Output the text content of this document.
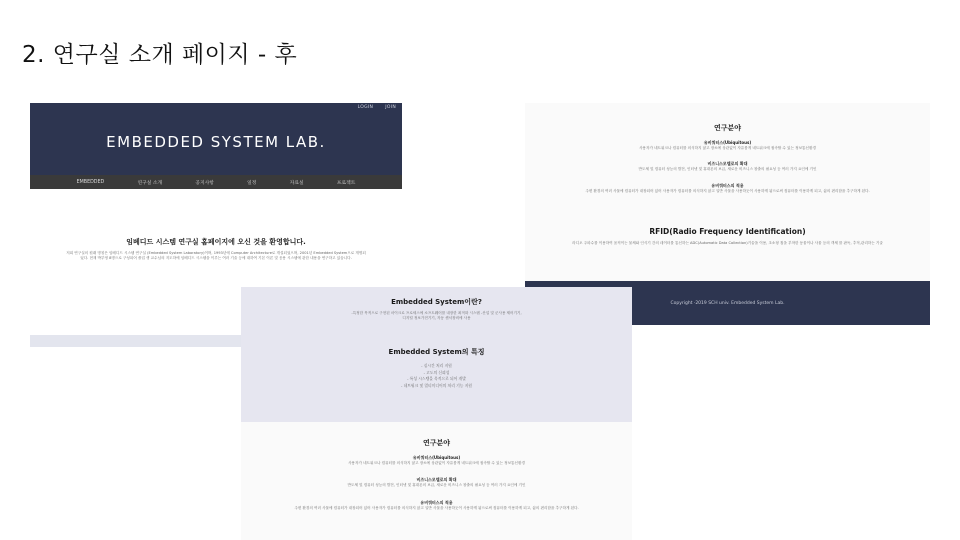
2. 연구실 소개 페이지 - 후
LOGIN	JOIN
EMBEDDED SYSTEM LAB.
EMBEDDED	연구실 소개	공지사항	일정	자료실	프로젝트
임베디드 시스템 연구실 홈페이지에 오신 것을 환영합니다.
저희 연구실의 원래 명칭은 임베디드 시스템 연구실 (Embedded System Laboratory)이며, 1993년에 Computer Architecture로 개설되었으며, 2001년 Embedded System으로 개명되었다. 현재 박부영 8명으로 구성되어 졸업 생 교수님의 지도하에 임베디드 시스템을 이루는 여러 기술 등에 대하여 기본 이론 및 응용 시스템에 관한 내용을 연구하고 있습니다.
연구분야
유비쿼터스(Ubiquitous)
사용자가 네트워크나 컴퓨터를 의식하지 않고 장소에 상관없이 자유롭게 네트워크에 접속할 수 있는 정보통신환경
비즈니스모델로의 확대
반도체 및 컴퓨터 성능의 발전, 인터넷 및 휴대폰의 보급, 새로운 비즈니스 창출의 필요성 등 여러 가지 요인에 기인
유비쿼터스의 적용
주변 환경의 여러 사물에 컴퓨터가 내장되어 있어 사용자가 컴퓨터를 의식하지 않고 일반 사물을 사용하듯이 사용하게 됨으로써 컴퓨터를 이용하게 되고, 삶의 편리함을 추구하게 된다.
RFID(Radio Frequency Identification)
라디오 주파수를 이용하여 움직이는 물체와 인식기 간의 데이터를 통신하는 ADC(Automatic Data Collection)기술을 이용, 초소형 칩을 부착한 동물이나 사물 등의 객체 를 판독, 추적,관리하는 기술
Copyright ·2019 SCH univ. Embedded System Lab.
Embedded System이란?
-특정한 목적으로 구현된 마이크로 프로세스에 소프트웨어를 내장한 최적화 시스템 -산업 및 군사용 제어기기, 디지털 정보가전기기, 자동 센서장비에 사용
Embedded System의 특징
- 실시간 처리 지원
- 고도의 신뢰성
- 특성 시스템을 목적으로 되어 개발
- 네트워크 및 멀티미디어의 처리 기능 지원
연구분야
유비쿼터스(Ubiquitous)
사용자가 네트워크나 컴퓨터를 의식하지 않고 장소에 상관없이 자유롭게 네트워크에 접속할 수 있는 정보통신환경
비즈니스모델로의 확대
반도체 및 컴퓨터 성능의 발전, 인터넷 및 휴대폰의 보급, 새로운 비즈니스 창출의 필요성 등 여러 가지 요인에 기인
유비쿼터스의 적용
주변 환경의 여러 사물에 컴퓨터가 내장되어 있어 사용자가 컴퓨터를 의식하지 않고 일반 사물을 사용하듯이 사용하게 됨으로써 컴퓨터를 이용하게 되고, 삶의 편리함을 추구하게 된다.
